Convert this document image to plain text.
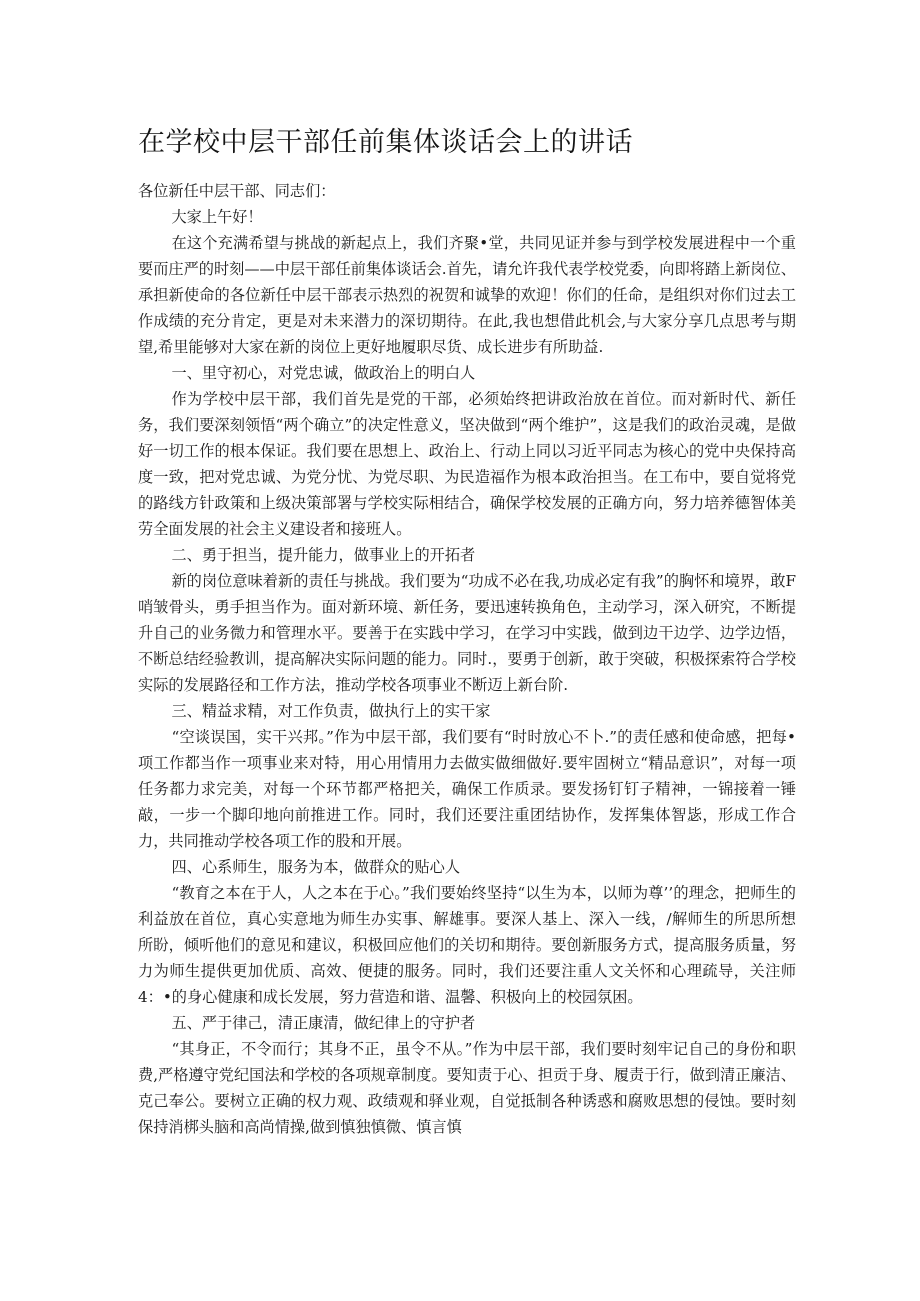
在学校中层干部任前集体谈话会上的讲话

各位新任中层干部、同志们：

大家上午好！

在这个充满希望与挑战的新起点上，我们齐聚•堂，共同见证并参与到学校发展进程中一个重要而庄严的时刻——中层干部任前集体谈话会.首先，请允许我代表学校党委，向即将踏上新岗位、承担新使命的各位新任中层干部表示热烈的祝贺和诚挚的欢迎！你们的任命，是组织对你们过去工作成绩的充分肯定，更是对未来潜力的深切期待。在此,我也想借此机会,与大家分享几点思考与期望,希里能够对大家在新的岗位上更好地履职尽货、成长进步有所助益.

一、里守初心，对党忠诚，做政治上的明白人

作为学校中层干部，我们首先是党的干部，必须始终把讲政治放在首位。而对新时代、新任务，我们要深刻领悟“两个确立”的决定性意义，坚决做到“两个维护”，这是我们的政治灵魂，是做好一切工作的根本保证。我们要在思想上、政治上、行动上同以习近平同志为核心的党中央保持高度一致，把对党忠诚、为党分忧、为党尽职、为民造福作为根本政治担当。在工布中，要自觉将党的路线方针政策和上级决策部署与学校实际相结合，确保学校发展的正确方向，努力培养德智体美劳全面发展的社会主义建设者和接班人。

二、勇于担当，提升能力，做事业上的开拓者

新的岗位意味着新的责任与挑战。我们要为“功成不必在我,功成必定有我”的胸怀和境界，敢F哨皱骨头，勇手担当作为。面对新环境、新任务，要迅速转换角色，主动学习，深入研究，不断提升自己的业务微力和管理水平。要善于在实践中学习，在学习中实践，做到边干边学、边学边悟，不断总结经验教训，提高解决实际问题的能力。同时.，要勇于创新，敢于突破，积极探索符合学校实际的发展路径和工作方法，推动学校各项事业不断迈上新台阶.

三、精益求精，对工作负责，做执行上的实干家

“空谈误国，实干兴邦。”作为中层干部，我们要有“时时放心不卜.”的责任感和使命感，把每•项工作都当作一项事业来对特，用心用情用力去做实做细做好.要牢固树立“精品意识”，对每一项任务都力求完美，对每一个环节都严格把关，确保工作质录。要发扬钉钉子精神，一锦接着一锤敲，一步一个脚印地向前推进工作。同时，我们还要注重团结协作，发挥集体智毖，形成工作合力，共同推动学校各项工作的股和开展。

四、心系师生，服务为本，做群众的贴心人

“教育之本在于人，人之本在于心。”我们要始终坚持“以生为本，以师为尊’’的理念，把师生的利益放在首位，真心实意地为师生办实事、解雄事。要深人基上、深入一线，/解师生的所思所想所盼，倾听他们的意见和建议，积极回应他们的关切和期待。要创新服务方式，提高服务质量，努力为师生提供更加优质、高效、便捷的服务。同时，我们还要注重人文关怀和心理疏导，关注师4：•的身心健康和成长发展，努力营造和谐、温馨、积极向上的校园氛困。

五、严于律己，清正康清，做纪律上的守护者

“其身正，不令而行；其身不正，虽令不从。”作为中层干部，我们要时刻牢记自己的身份和职费,严格遵守党纪国法和学校的各项规章制度。要知责于心、担贡于身、履责于行，做到清正廉洁、克己奉公。要树立正确的权力观、政绩观和驿业观，自觉抵制各种诱惑和腐败思想的侵蚀。要时刻保持消梆头脑和高尚情操,做到慎独慎微、慎言慎
